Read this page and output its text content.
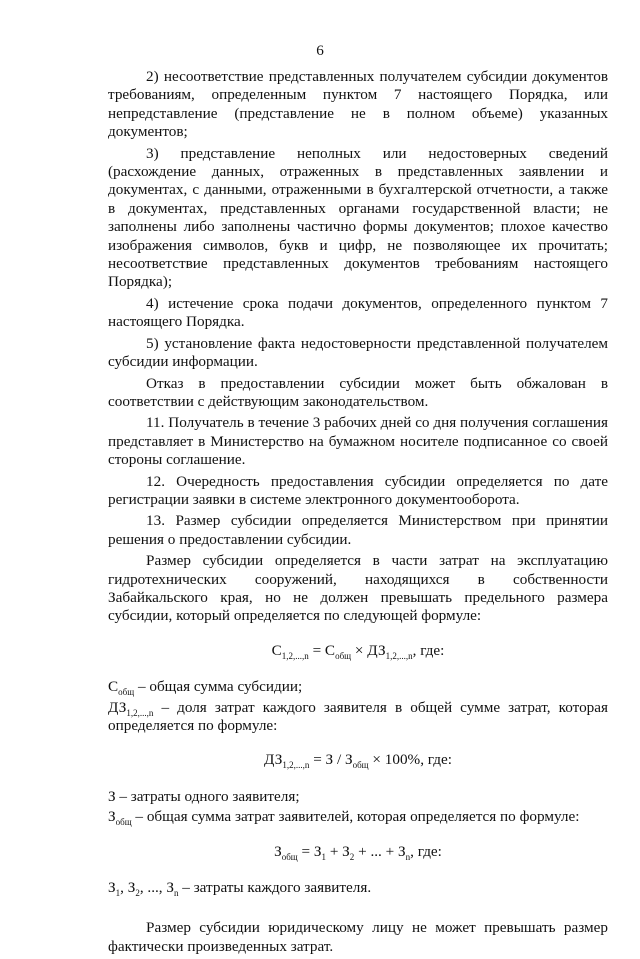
6

2) несоответствие представленных получателем субсидии документов требованиям, определенным пунктом 7 настоящего Порядка, или непредставление (представление не в полном объеме) указанных документов;

3) представление неполных или недостоверных сведений (расхождение данных, отраженных в представленных заявлении и документах, с данными, отраженными в бухгалтерской отчетности, а также в документах, представленных органами государственной власти; не заполнены либо заполнены частично формы документов; плохое качество изображения символов, букв и цифр, не позволяющее их прочитать; несоответствие представленных документов требованиям настоящего Порядка);

4) истечение срока подачи документов, определенного пунктом 7 настоящего Порядка.

5) установление факта недостоверности представленной получателем субсидии информации.

Отказ в предоставлении субсидии может быть обжалован в соответствии с действующим законодательством.

11. Получатель в течение 3 рабочих дней со дня получения соглашения представляет в Министерство на бумажном носителе подписанное со своей стороны соглашение.

12. Очередность предоставления субсидии определяется по дате регистрации заявки в системе электронного документооборота.

13. Размер субсидии определяется Министерством при принятии решения о предоставлении субсидии.

Размер субсидии определяется в части затрат на эксплуатацию гидротехнических сооружений, находящихся в собственности Забайкальского края, но не должен превышать предельного размера субсидии, который определяется по следующей формуле:

$С_{1,2,...,n} = С_{общ} \times ДЗ_{1,2,...,n}$, где:

$С_{общ}$ – общая сумма субсидии;

$ДЗ_{1,2,...,n}$ – доля затрат каждого заявителя в общей сумме затрат, которая определяется по формуле:

$ДЗ_{1,2,...,n} = З / З_{общ} \times 100\%$, где:

З – затраты одного заявителя;

$З_{общ}$ – общая сумма затрат заявителей, которая определяется по формуле:

$З_{общ} = З_1 + З_2$ + ... + $З_n$, где:

$З_1$, $З_2$, ..., $З_n$ – затраты каждого заявителя.

Размер субсидии юридическому лицу не может превышать размер фактически произведенных затрат.
